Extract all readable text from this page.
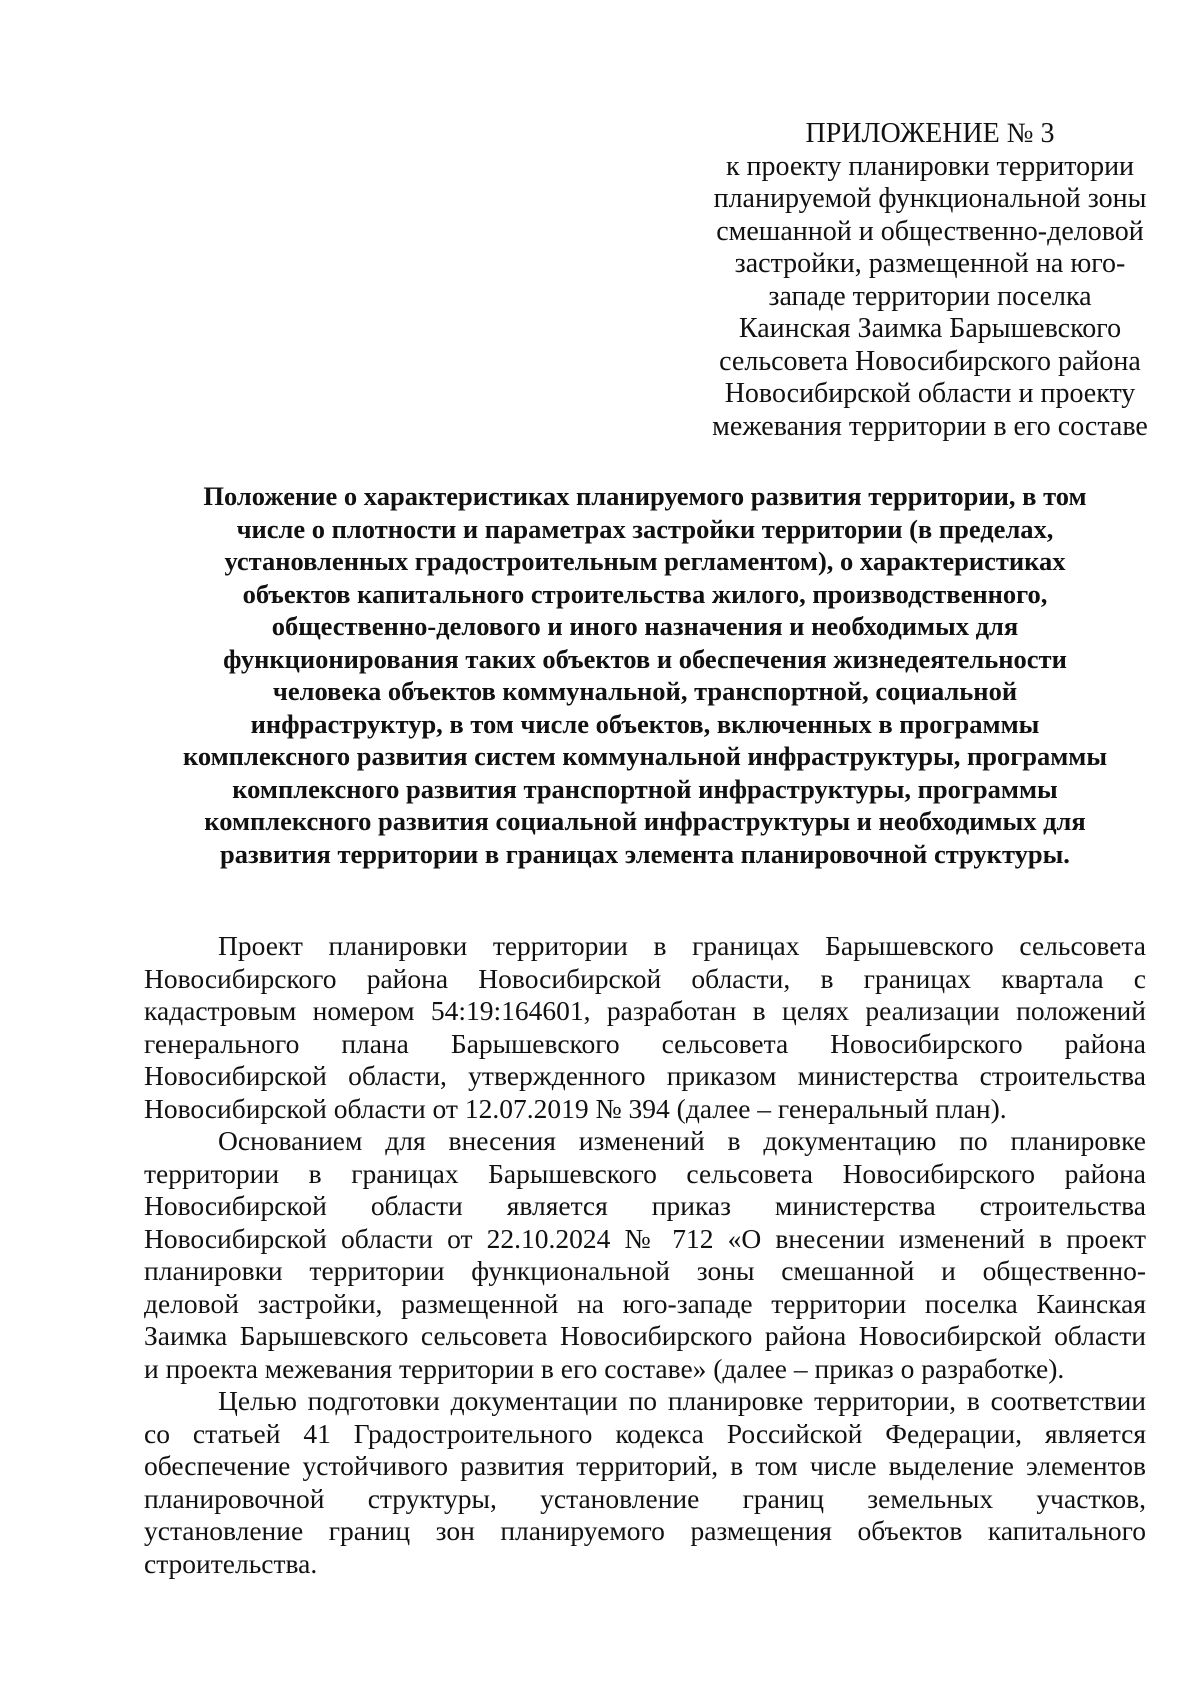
ПРИЛОЖЕНИЕ № 3
к проекту планировки территории
планируемой функциональной зоны
смешанной и общественно-деловой
застройки, размещенной на юго-
западе территории поселка
Каинская Заимка Барышевского
сельсовета Новосибирского района
Новосибирской области и проекту
межевания территории в его составе
Положение о характеристиках планируемого развития территории, в том
числе о плотности и параметрах застройки территории (в пределах,
установленных градостроительным регламентом), о характеристиках
объектов капитального строительства жилого, производственного,
общественно-делового и иного назначения и необходимых для
функционирования таких объектов и обеспечения жизнедеятельности
человека объектов коммунальной, транспортной, социальной
инфраструктур, в том числе объектов, включенных в программы
комплексного развития систем коммунальной инфраструктуры, программы
комплексного развития транспортной инфраструктуры, программы
комплексного развития социальной инфраструктуры и необходимых для
развития территории в границах элемента планировочной структуры.
Проект планировки территории в границах Барышевского сельсовета
Новосибирского района Новосибирской области, в границах квартала с
кадастровым номером 54:19:164601, разработан в целях реализации положений
генерального плана Барышевского сельсовета Новосибирского района
Новосибирской области, утвержденного приказом министерства строительства
Новосибирской области от 12.07.2019 № 394 (далее – генеральный план).
Основанием для внесения изменений в документацию по планировке
территории в границах Барышевского сельсовета Новосибирского района
Новосибирской области является приказ министерства строительства
Новосибирской области от 22.10.2024 № 712 «О внесении изменений в проект
планировки территории функциональной зоны смешанной и общественно-
деловой застройки, размещенной на юго-западе территории поселка Каинская
Заимка Барышевского сельсовета Новосибирского района Новосибирской области
и проекта межевания территории в его составе» (далее – приказ о разработке).
Целью подготовки документации по планировке территории, в соответствии
со статьей 41 Градостроительного кодекса Российской Федерации, является
обеспечение устойчивого развития территорий, в том числе выделение элементов
планировочной структуры, установление границ земельных участков,
установление границ зон планируемого размещения объектов капитального
строительства.
